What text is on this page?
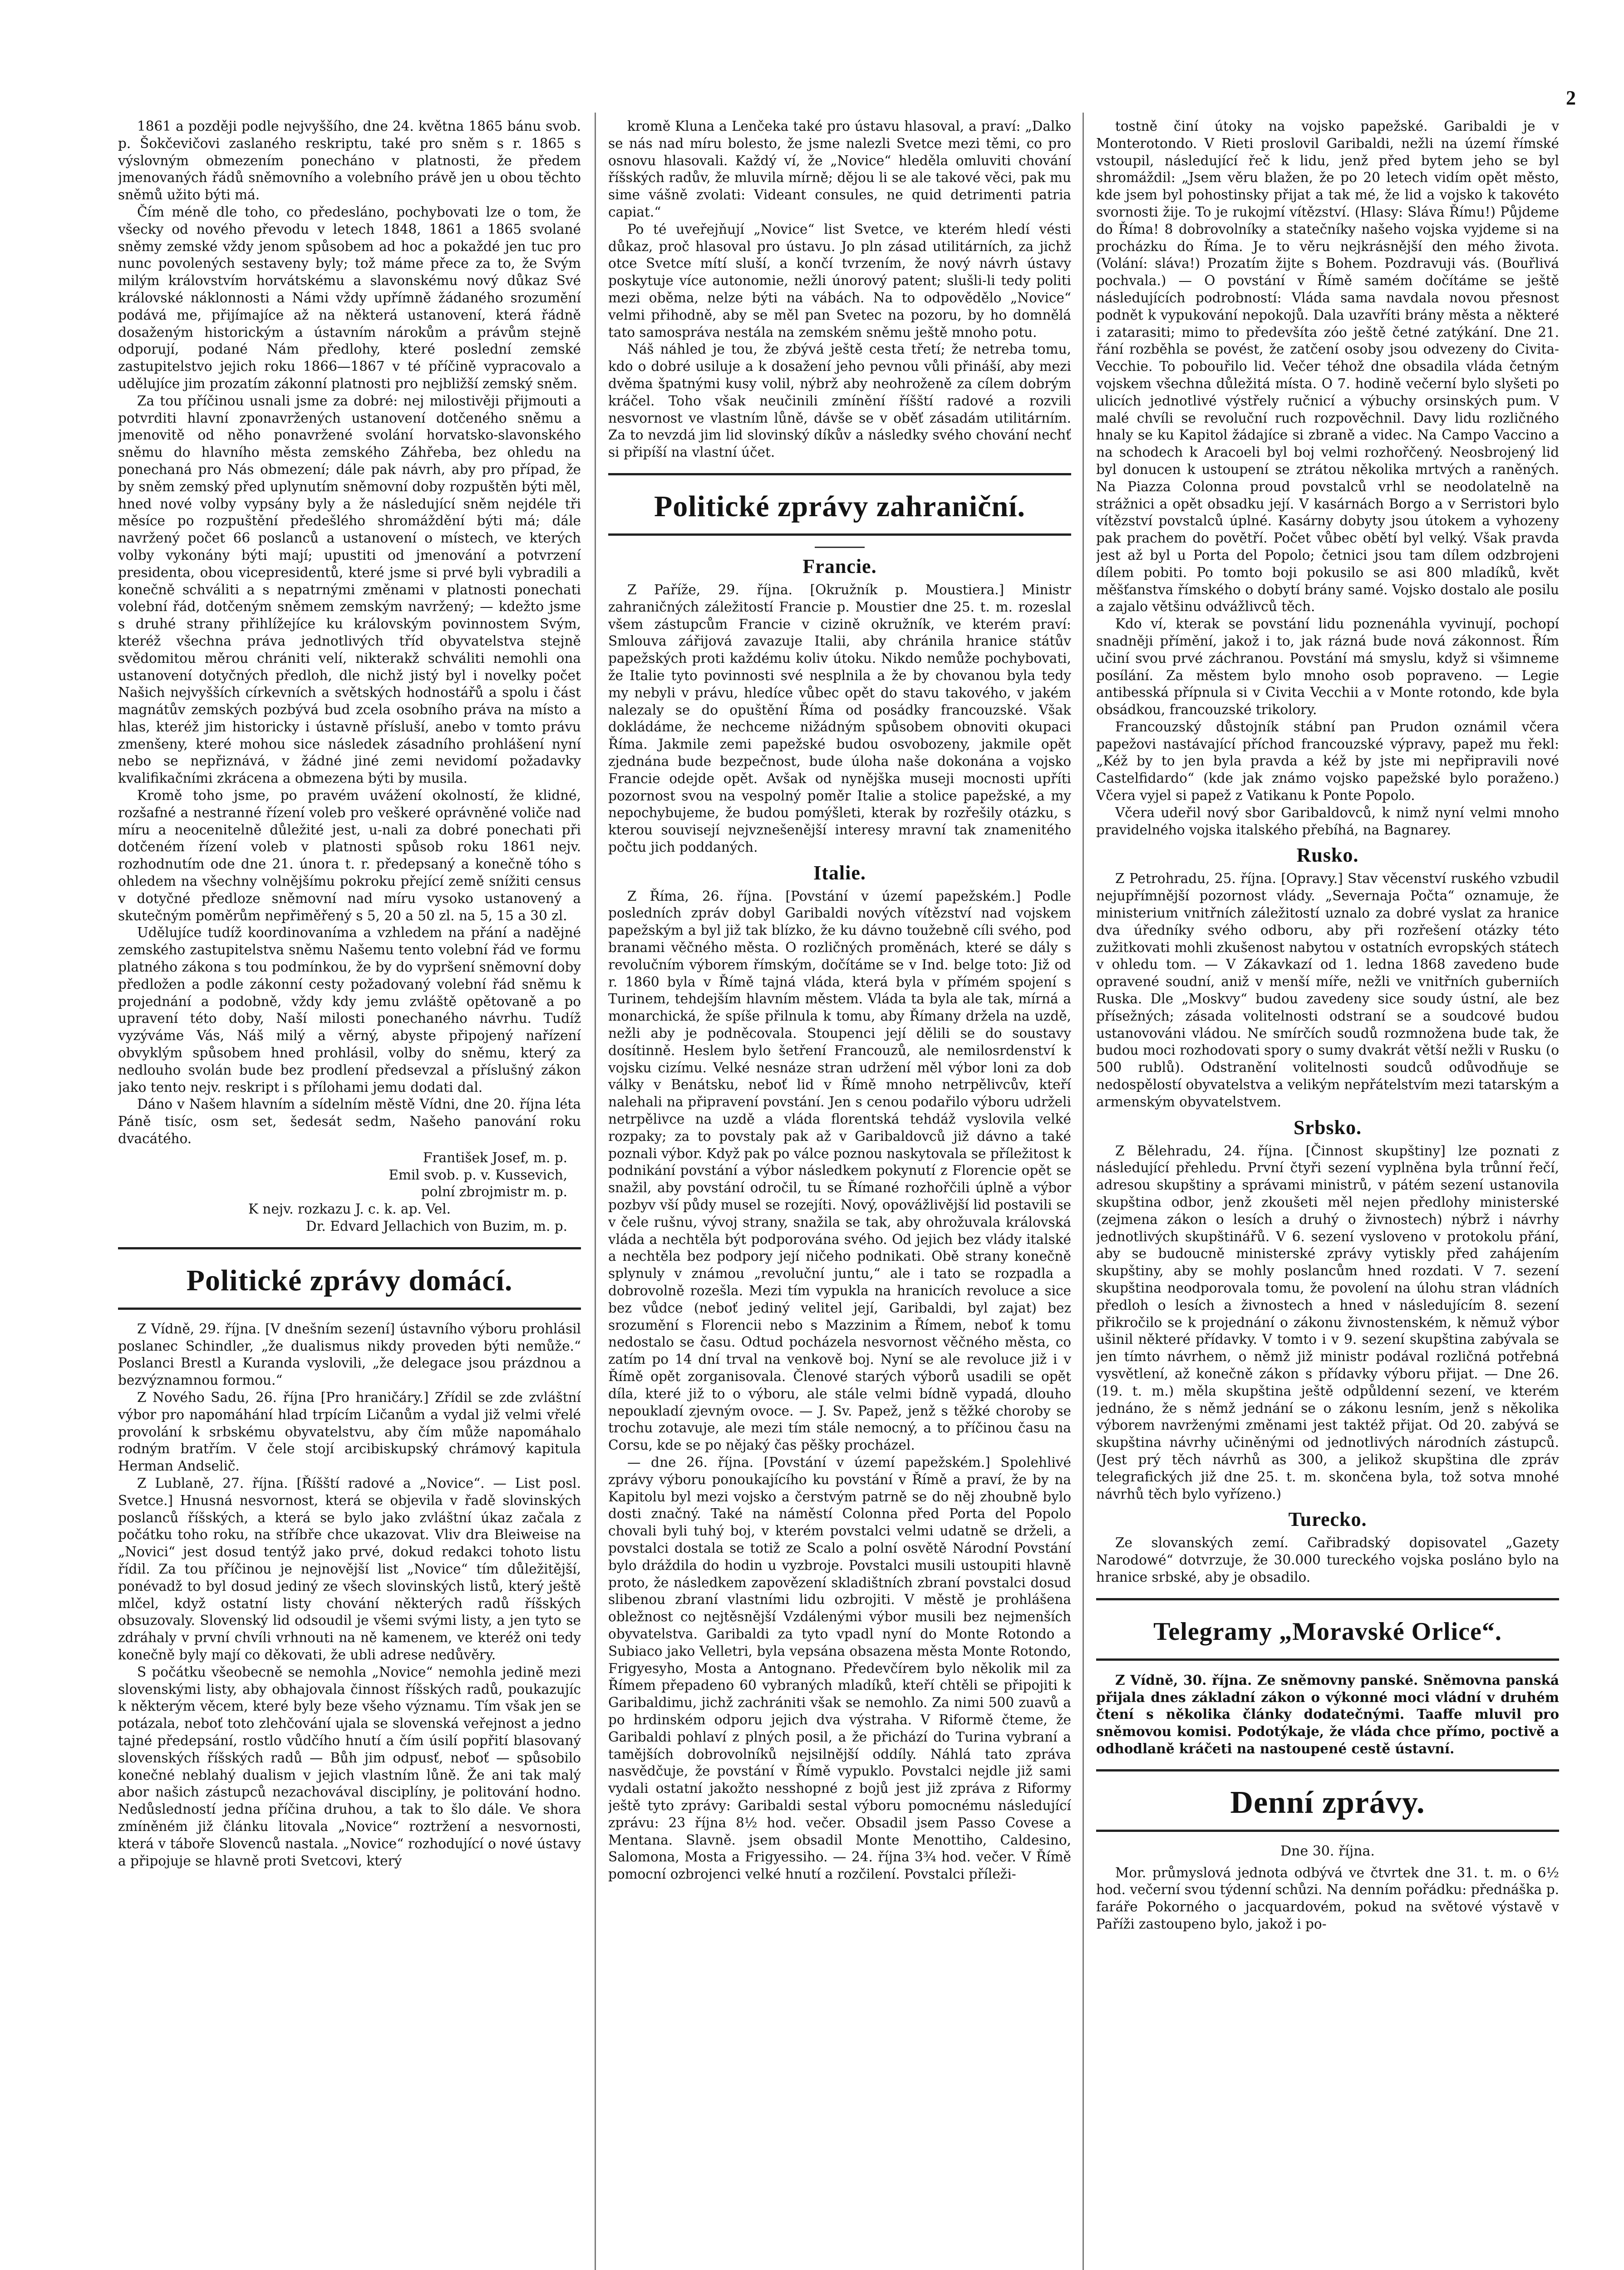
2

1861 a později podle nejvyššího, dne 24. května 1865 bánu svob. p. Šokčevičovi zaslaného reskriptu, také pro sněm s r. 1865 s výslovným obmezením ponecháno v platnosti, že předem jmenovaných řádů sněmovního a volebního právě jen u obou těchto sněmů užito býti má.

Čím méně dle toho, co předesláno, pochybovati lze o tom, že všecky od nového převodu v letech 1848, 1861 a 1865 svolané sněmy zemské vždy jenom spůsobem ad hoc a pokaždé jen tuc pro nunc povolených sestaveny byly; tož máme přece za to, že Svým milým královstvím horvátskému a slavonskému nový důkaz Své královské náklonnosti a Námi vždy upřímně žádaného srozumění podává me, přijímajíce až na některá ustanovení, která řádně dosaženým historickým a ústavním nárokům a právům stejně odporují, podané Nám předlohy, které poslední zemské zastupitelstvo jejich roku 1866—1867 v té příčině vypracovalo a udělujíce jim prozatím zákonní platnosti pro nejbližší zemský sněm.

Za tou příčinou usnali jsme za dobré: nej milostivěji přijmouti a potvrditi hlavní zponavržených ustanovení dotčeného sněmu a jmenovitě od něho ponavržené svolání horvatsko-slavonského sněmu do hlavního města zemského Záhřeba, bez ohledu na ponechaná pro Nás obmezení; dále pak návrh, aby pro případ, že by sněm zemský před uplynutím sněmovní doby rozpuštěn býti měl, hned nové volby vypsány byly a že následující sněm nejdéle tři měsíce po rozpuštění předešlého shromáždění býti má; dále navržený počet 66 poslanců a ustanovení o místech, ve kterých volby vykonány býti mají; upustiti od jmenování a potvrzení presidenta, obou vicepresidentů, které jsme si prvé byli vybradili a konečně schváliti a s nepatrnými změnami v platnosti ponechati volební řád, dotčeným sněmem zemským navržený; — kdežto jsme s druhé strany přihlížejíce ku královským povinnostem Svým, kteréž všechna práva jednotlivých tříd obyvatelstva stejně svědomitou měrou chrániti velí, nikterakž schváliti nemohli ona ustanovení dotyčných předloh, dle nichž jistý byl i novelky počet Našich nejvyšších církevních a světských hodnostářů a spolu i část magnátův zemských pozbývá bud zcela osobního práva na místo a hlas, kteréž jim historicky i ústavně přísluší, anebo v tomto právu zmenšeny, které mohou sice následek zásadního prohlášení nyní nebo se nepřiznává, v žádné jiné zemi nevidomí požadavky kvalifikačními zkrácena a obmezena býti by musila.

Kromě toho jsme, po pravém uvážení okolností, že klidné, rozšafné a nestranné řízení voleb pro veškeré oprávněné voliče nad míru a neocenitelně důležité jest, u-nali za dobré ponechati při dotčeném řízení voleb v platnosti spůsob roku 1861 nejv. rozhodnutím ode dne 21. února t. r. předepsaný a konečně tóho s ohledem na všechny volnějšímu pokroku přející země snížiti census v dotyčné předloze sněmovní nad míru vysoko ustanovený a skutečným poměrům nepřiměřený s 5, 20 a 50 zl. na 5, 15 a 30 zl.

Udělujíce tudíž koordinovaníma a vzhledem na přání a nadějné zemského zastupitelstva sněmu Našemu tento volební řád ve formu platného zákona s tou podmínkou, že by do vypršení sněmovní doby předložen a podle zákonní cesty požadovaný volební řád sněmu k projednání a podobně, vždy kdy jemu zvláště opětovaně a po upravení této doby, Naší milosti ponechaného návrhu. Tudíž vyzýváme Vás, Náš milý a věrný, abyste připojený nařízení obvyklým spůsobem hned prohlásil, volby do sněmu, který za nedlouho svolán bude bez prodlení předsevzal a příslušný zákon jako tento nejv. reskript i s přílohami jemu dodati dal.

Dáno v Našem hlavním a sídelním městě Vídni, dne 20. října léta Páně tisíc, osm set, šedesát sedm, Našeho panování roku dvacátého.

František Josef, m. p.
Emil svob. p. v. Kussevich,
polní zbrojmistr m. p.
K nejv. rozkazu J. c. k. ap. Vel.
Dr. Edvard Jellachich von Buzim, m. p.
Politické zprávy domácí.

Z Vídně, 29. října. [V dnešním sezení] ústavního výboru prohlásil poslanec Schindler, „že dualismus nikdy proveden býti nemůže.“ Poslanci Brestl a Kuranda vyslovili, „že delegace jsou prázdnou a bezvýznamnou formou.“

Z Nového Sadu, 26. října [Pro hraničáry.] Zřídil se zde zvláštní výbor pro napomáhání hlad trpícím Ličanům a vydal již velmi vřelé provolání k srbskému obyvatelstvu, aby čím může napomáhalo rodným bratřím. V čele stojí arcibiskupský chrámový kapitula Herman Andselič.

Z Lublaně, 27. října. [Říšští radové a „Novice“. — List posl. Svetce.] Hnusná nesvornost, která se objevila v řadě slovinských poslanců říšských, a která se bylo jako zvláštní úkaz začala z počátku toho roku, na stříbře chce ukazovat. Vliv dra Bleiweise na „Novici“ jest dosud tentýž jako prvé, dokud redakci tohoto listu řídil. Za tou příčinou je nejnovější list „Novice“ tím důležitější, ponévadž to byl dosud jediný ze všech slovinských listů, který ještě mlčel, když ostatní listy chování některých radů říšských obsuzovaly. Slovenský lid odsoudil je všemi svými listy, a jen tyto se zdráhaly v první chvíli vrhnouti na ně kamenem, ve kteréž oni tedy konečně byly mají co děkovati, že ubli adrese nedůvěry.

S počátku všeobecně se nemohla „Novice“ nemohla jedině mezi slovenskými listy, aby obhajovala činnost říšských radů, poukazujíc k některým věcem, které byly beze všeho významu. Tím však jen se potázala, neboť toto zlehčování ujala se slovenská veřejnost a jedno tajné předepsání, rostlo vůdčího hnutí a čím úsilí popřití blasovaný slovenských říšských radů — Bůh jim odpusť, neboť — spůsobilo konečné neblahý dualism v jejich vlastním lůně. Že ani tak malý abor našich zástupců nezachovával disciplíny, je politování hodno. Nedůsledností jedna příčina druhou, a tak to šlo dále. Ve shora zmíněném již článku litovala „Novice“ roztržení a nesvornosti, která v táboře Slovenců nastala. „Novice“ rozhodující o nové ústavy a připojuje se hlavně proti Svetcovi, který

kromě Kluna a Lenčeka také pro ústavu hlasoval, a praví: „Dalko se nás nad míru bolesto, že jsme nalezli Svetce mezi těmi, co pro osnovu hlasovali. Každý ví, že „Novice“ hleděla omluviti chování říšských radův, že mluvila mírně; dějou li se ale takové věci, pak mu sime vášně zvolati: Videant consules, ne quid detrimenti patria capiat.“

Po té uveřejňují „Novice“ list Svetce, ve kterém hledí vésti důkaz, proč hlasoval pro ústavu. Jo pln zásad utilitárních, za jichž otce Svetce mítí sluší, a končí tvrzením, že nový návrh ústavy poskytuje více autonomie, nežli únorový patent; slušli-li tedy politi mezi oběma, nelze býti na vábách. Na to odpovědělo „Novice“ velmi přihodně, aby se měl pan Svetec na pozoru, by ho domnělá tato samospráva nestála na zemském sněmu ještě mnoho potu.

Náš náhled je tou, že zbývá ještě cesta třetí; že netreba tomu, kdo o dobré usiluje a k dosažení jeho pevnou vůli přináší, aby mezi dvěma špatnými kusy volil, nýbrž aby neohroženě za cílem dobrým kráčel. Toho však neučinili zmínění říšští radové a rozvili nesvornost ve vlastním lůně, dávše se v oběť zásadám utilitárním. Za to nevzdá jim lid slovinský díkův a následky svého chování nechť si připíší na vlastní účet.

Politické zprávy zahraniční.
Francie.

Z Paříže, 29. října. [Okružník p. Moustiera.] Ministr zahraničných záležitostí Francie p. Moustier dne 25. t. m. rozeslal všem zástupcům Francie v cizině okružník, ve kterém praví: Smlouva zářijová zavazuje Italii, aby chránila hranice státův papežských proti každému koliv útoku. Nikdo nemůže pochybovati, že Italie tyto povinnosti své nesplnila a že by chovanou byla tedy my nebyli v právu, hledíce vůbec opět do stavu takového, v jakém nalezaly se do opuštění Říma od posádky francouzské. Však dokládáme, že nechceme nižádným spůsobem obnoviti okupaci Říma. Jakmile zemi papežské budou osvobozeny, jakmile opět zjednána bude bezpečnost, bude úloha naše dokonána a vojsko Francie odejde opět. Avšak od nynějška museji mocnosti upříti pozornost svou na vespolný poměr Italie a stolice papežské, a my nepochybujeme, že budou pomýšleti, kterak by rozřešily otázku, s kterou souvisejí nejvznešenější interesy mravní tak znamenitého počtu jich poddaných.

Italie.

Z Říma, 26. října. [Povstání v území papežském.] Podle posledních zpráv dobyl Garibaldi nových vítězství nad vojskem papežským a byl již tak blízko, že ku dávno toužebně cíli svého, pod branami věčného města. O rozličných proměnách, které se dály s revolučním výborem římským, dočítáme se v Ind. belge toto: Již od r. 1860 byla v Římě tajná vláda, která byla v přímém spojení s Turinem, tehdejším hlavním městem. Vláda ta byla ale tak, mírná a monarchická, že spíše přilnula k tomu, aby Římany držela na uzdě, nežli aby je podněcovala. Stoupenci její dělili se do soustavy dosítinně. Heslem bylo šetření Francouzů, ale nemilosrdenství k vojsku cizímu. Velké nesnáze stran udržení měl výbor loni za dob války v Benátsku, neboť lid v Římě mnoho netrpělivcův, kteří nalehali na připravení povstání. Jen s cenou podařilo výboru udrželi netrpělivce na uzdě a vláda florentská tehdáž vyslovila velké rozpaky; za to povstaly pak až v Garibaldovců již dávno a také poznali výbor. Když pak po válce poznou naskytovala se příležitost k podnikání povstání a výbor následkem pokynutí z Florencie opět se snažil, aby povstání odročil, tu se Římané rozhořčili úplně a výbor pozbyv vší půdy musel se rozejíti. Nový, opovážlivější lid postavili se v čele rušnu, vývoj strany, snažila se tak, aby ohrožuvala královská vláda a nechtěla být podporována svého. Od jejich bez vlády italské a nechtěla bez podpory její ničeho podnikati. Obě strany konečně splynuly v známou „revoluční juntu,“ ale i tato se rozpadla a dobrovolně rozešla. Mezi tím vypukla na hranicích revoluce a sice bez vůdce (neboť jediný velitel její, Garibaldi, byl zajat) bez srozumění s Florencii nebo s Mazzinim a Římem, neboť k tomu nedostalo se času. Odtud pocházela nesvornost věčného města, co zatím po 14 dní trval na venkově boj. Nyní se ale revoluce již i v Římě opět zorganisovala. Členové starých výborů usadili se opět díla, které již to o výboru, ale stále velmi bídně vypadá, dlouho nepoukladí zjevným ovoce. — J. Sv. Papež, jenž s těžké choroby se trochu zotavuje, ale mezi tím stále nemocný, a to příčinou času na Corsu, kde se po nějaký čas pěšky procházel.

— dne 26. října. [Povstání v území papežském.] Spolehlivé zprávy výboru ponoukajícího ku povstání v Římě a praví, že by na Kapitolu byl mezi vojsko a čerstvým patrně se do něj zhoubně bylo dosti značný. Také na náměstí Colonna před Porta del Popolo chovali byli tuhý boj, v kterém povstalci velmi udatně se drželi, a povstalci dostala se totiž ze Scalo a polní osvětě Národní Povstání bylo dráždila do hodin u vyzbroje. Povstalci musili ustoupiti hlavně proto, že následkem zapovězení skladištních zbraní povstalci dosud slibenou zbraní vlastními lidu ozbrojiti. V městě je prohlášena obležnost co nejtěsnější Vzdálenými výbor musili bez nejmenších obyvatelstva. Garibaldi za tyto vpadl nyní do Monte Rotondo a Subiaco jako Velletri, byla vepsána obsazena města Monte Rotondo, Frigyesyho, Mosta a Antognano. Předevčírem bylo několik mil za Římem přepadeno 60 vybraných mladíků, kteří chtěli se připojiti k Garibaldimu, jichž zachrániti však se nemohlo. Za nimi 500 zuavů a po hrdinském odporu jejich dva výstraha. V Riformě čteme, že Garibaldi pohlaví z plných posil, a že přichází do Turina vybraní a tamějších dobrovolníků nejsilnější oddíly. Náhlá tato zpráva nasvědčuje, že povstání v Římě vypuklo. Povstalci nejdle již sami vydali ostatní jakožto nesshopné z bojů jest již zpráva z Riformy ještě tyto zprávy: Garibaldi sestal výboru pomocnému následující zprávu: 23 října 8½ hod. večer. Obsadil jsem Passo Covese a Mentana. Slavně. jsem obsadil Monte Menottiho, Caldesino, Salomona, Mosta a Frigyessiho. — 24. října 3¾ hod. večer. V Římě pomocní ozbrojenci velké hnutí a rozčilení. Povstalci příleži-

tostně činí útoky na vojsko papežské. Garibaldi je v Monterotondo. V Rieti proslovil Garibaldi, nežli na území římské vstoupil, následující řeč k lidu, jenž před bytem jeho se byl shromáždil: „Jsem věru blažen, že po 20 letech vidím opět město, kde jsem byl pohostinsky přijat a tak mé, že lid a vojsko k takovéto svornosti žije. To je rukojmí vítězství. (Hlasy: Sláva Římu!) Půjdeme do Říma! 8 dobrovolníky a statečníky našeho vojska vyjdeme si na procházku do Říma. Je to věru nejkrásnější den mého života. (Volání: sláva!) Prozatím žijte s Bohem. Pozdravuji vás. (Bouřlivá pochvala.) — O povstání v Římě samém dočítáme se ještě následujících podrobností: Vláda sama navdala novou přesnost podnět k vypukování nepokojů. Dala uzavříti brány města a některé i zatarasiti; mimo to předevšíta zóo ještě četné zatýkání. Dne 21. řání rozběhla se povést, že zatčení osoby jsou odvezeny do Civita-Vecchie. To pobouřilo lid. Večer téhož dne obsadila vláda četným vojskem všechna důležitá místa. O 7. hodině večerní bylo slyšeti po ulicích jednotlivé výstřely ručnicí a výbuchy orsinských pum. V malé chvíli se revoluční ruch rozpověchnil. Davy lidu rozličného hnaly se ku Kapitol žádajíce si zbraně a videc. Na Campo Vaccino a na schodech k Aracoeli byl boj velmi rozhořčený. Neosbrojený lid byl donucen k ustoupení se ztrátou několika mrtvých a raněných. Na Piazza Colonna proud povstalců vrhl se neodolatelně na strážnici a opět obsadku její. V kasárnách Borgo a v Serristori bylo vítězství povstalců úplné. Kasárny dobyty jsou útokem a vyhozeny pak prachem do povětří. Počet vůbec obětí byl velký. Však pravda jest až byl u Porta del Popolo; četnici jsou tam dílem odzbrojeni dílem pobiti. Po tomto boji pokusilo se asi 800 mladíků, květ měšťanstva římského o dobytí brány samé. Vojsko dostalo ale posilu a zajalo většinu odvážlivců těch.

Kdo ví, kterak se povstání lidu poznenáhla vyvinují, pochopí snadněji přímění, jakož i to, jak rázná bude nová zákonnost. Řím učiní svou prvé záchranou. Povstání má smyslu, když si všimneme posílání. Za městem bylo mnoho osob popraveno. — Legie antibesská přípnula si v Civita Vecchii a v Monte rotondo, kde byla obsádkou, francouzské trikolory.

Francouzský důstojník stábní pan Prudon oznámil včera papežovi nastávající příchod francouzské výpravy, papež mu řekl: „Kéž by to jen byla pravda a kéž by jste mi nepřipravili nové Castelfidardo“ (kde jak známo vojsko papežské bylo poraženo.) Včera vyjel si papež z Vatikanu k Ponte Popolo.

Včera udeřil nový sbor Garibaldovců, k nimž nyní velmi mnoho pravidelného vojska italského přebíhá, na Bagnarey.

Rusko.

Z Petrohradu, 25. října. [Opravy.] Stav věcenství ruského vzbudil nejupřímnější pozornost vlády. „Severnaja Počta“ oznamuje, že ministerium vnitřních záležitostí uznalo za dobré vyslat za hranice dva úředníky svého odboru, aby při rozřešení otázky této zužitkovati mohli zkušenost nabytou v ostatních evropských státech v ohledu tom. — V Zákavkazí od 1. ledna 1868 zavedeno bude opravené soudní, aniž v menší míře, nežli ve vnitřních guberniích Ruska. Dle „Moskvy“ budou zavedeny sice soudy ústní, ale bez přísežných; zásada volitelnosti odstraní se a soudcové budou ustanovováni vládou. Ne smírčích soudů rozmnožena bude tak, že budou moci rozhodovati spory o sumy dvakrát větší nežli v Rusku (o 500 rublů). Odstranění volitelnosti soudců odůvodňuje se nedospělostí obyvatelstva a velikým nepřátelstvím mezi tatarským a armenským obyvatelstvem.

Srbsko.

Z Bělehradu, 24. října. [Činnost skupštiny] lze poznati z následující přehledu. První čtyři sezení vyplněna byla trůnní řečí, adresou skupštiny a správami ministrů, v pátém sezení ustanovila skupština odbor, jenž zkoušeti měl nejen předlohy ministerské (zejmena zákon o lesích a druhý o živnostech) nýbrž i návrhy jednotlivých skupštinářů. V 6. sezení vysloveno v protokolu přání, aby se budoucně ministerské zprávy vytiskly před zahájením skupštiny, aby se mohly poslancům hned rozdati. V 7. sezení skupština neodporovala tomu, že povolení na úlohu stran vládních předloh o lesích a živnostech a hned v následujícím 8. sezení přikročilo se k projednání o zákonu živnostenském, k němuž výbor ušinil některé přídavky. V tomto i v 9. sezení skupština zabývala se jen tímto návrhem, o němž již ministr podával rozličná potřebná vysvětlení, až konečně zákon s přídavky výboru přijat. — Dne 26. (19. t. m.) měla skupština ještě odpůldenní sezení, ve kterém jednáno, že s němž jednání se o zákonu lesním, jenž s několika výborem navrženými změnami jest taktéž přijat. Od 20. zabývá se skupština návrhy učiněnými od jednotlivých národních zástupců. (Jest prý těch návrhů as 300, a jelikož skupština dle zpráv telegrafických již dne 25. t. m. skončena byla, tož sotva mnohé návrhů těch bylo vyřízeno.)

Turecko.

Ze slovanských zemí. Cařibradský dopisovatel „Gazety Narodowé“ dotvrzuje, že 30.000 tureckého vojska posláno bylo na hranice srbské, aby je obsadilo.

Telegramy „Moravské Orlice“.

Z Vídně, 30. října. Ze sněmovny panské. Sněmovna panská přijala dnes základní zákon o výkonné moci vládní v druhém čtení s několika články dodatečnými. Taaffe mluvil pro sněmovou komisi. Podotýkaje, že vláda chce přímo, poctivě a odhodlaně kráčeti na nastoupené cestě ústavní.

Denní zprávy.
Dne 30. října.

Mor. průmyslová jednota odbývá ve čtvrtek dne 31. t. m. o 6½ hod. večerní svou týdenní schůzi. Na denním pořádku: přednáška p. faráře Pokorného o jacquardovém, pokud na světové výstavě v Paříži zastoupeno bylo, jakož i po-
